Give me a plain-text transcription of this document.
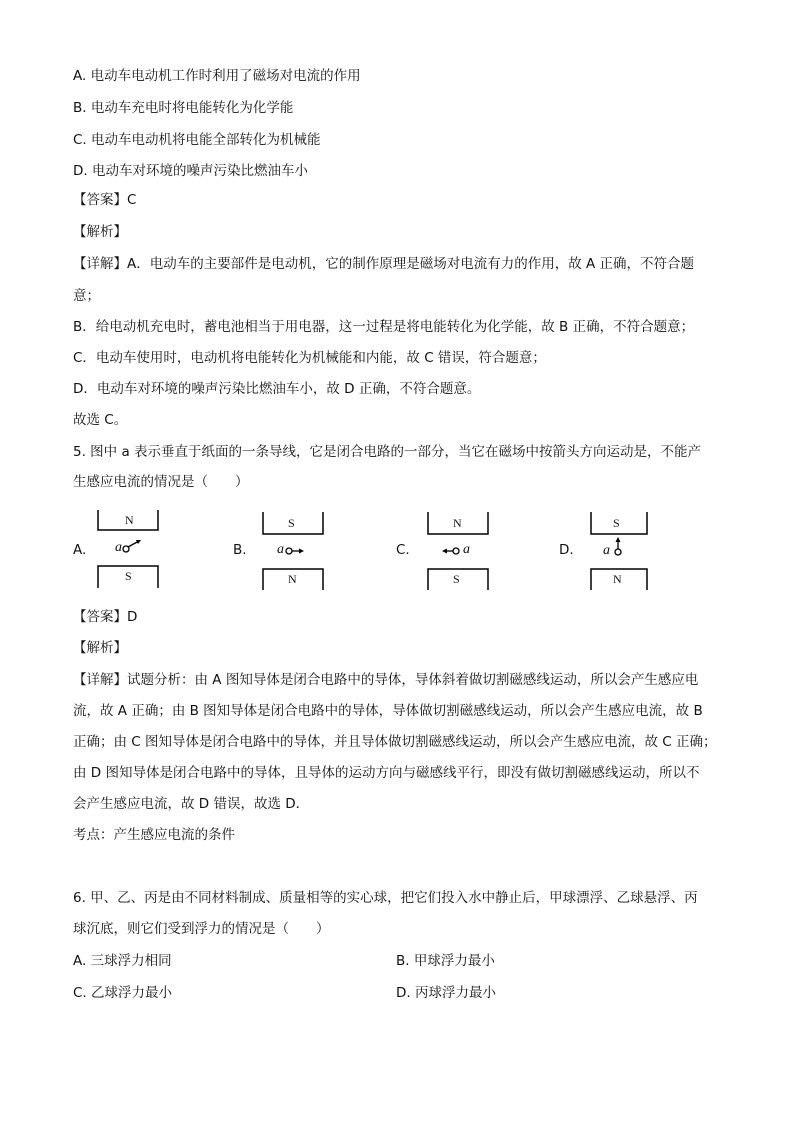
A. 电动车电动机工作时利用了磁场对电流的作用
B. 电动车充电时将电能转化为化学能
C. 电动车电动机将电能全部转化为机械能
D. 电动车对环境的噪声污染比燃油车小
【答案】C
【解析】
【详解】A．电动车的主要部件是电动机，它的制作原理是磁场对电流有力的作用，故 A 正确，不符合题
意；
B．给电动机充电时，蓄电池相当于用电器，这一过程是将电能转化为化学能，故 B 正确，不符合题意；
C．电动车使用时，电动机将电能转化为机械能和内能，故 C 错误，符合题意；
D．电动车对环境的噪声污染比燃油车小，故 D 正确，不符合题意。
故选 C。
5. 图中 a 表示垂直于纸面的一条导线，它是闭合电路的一部分，当它在磁场中按箭头方向运动是，不能产
生感应电流的情况是（　　）
A.
N
S
a	B.
S
N
a	C.
N
S
a	D.
S
N
a
【答案】D
【解析】
【详解】试题分析：由 A 图知导体是闭合电路中的导体，导体斜着做切割磁感线运动，所以会产生感应电
流，故 A 正确；由 B 图知导体是闭合电路中的导体，导体做切割磁感线运动，所以会产生感应电流，故 B
正确；由 C 图知导体是闭合电路中的导体，并且导体做切割磁感线运动，所以会产生感应电流，故 C 正确；
由 D 图知导体是闭合电路中的导体，且导体的运动方向与磁感线平行，即没有做切割磁感线运动，所以不
会产生感应电流，故 D 错误，故选 D．
考点：产生感应电流的条件
6. 甲、乙、丙是由不同材料制成、质量相等的实心球，把它们投入水中静止后，甲球漂浮、乙球悬浮、丙
球沉底，则它们受到浮力的情况是（　　）
A. 三球浮力相同	B. 甲球浮力最小
C. 乙球浮力最小	D. 丙球浮力最小
